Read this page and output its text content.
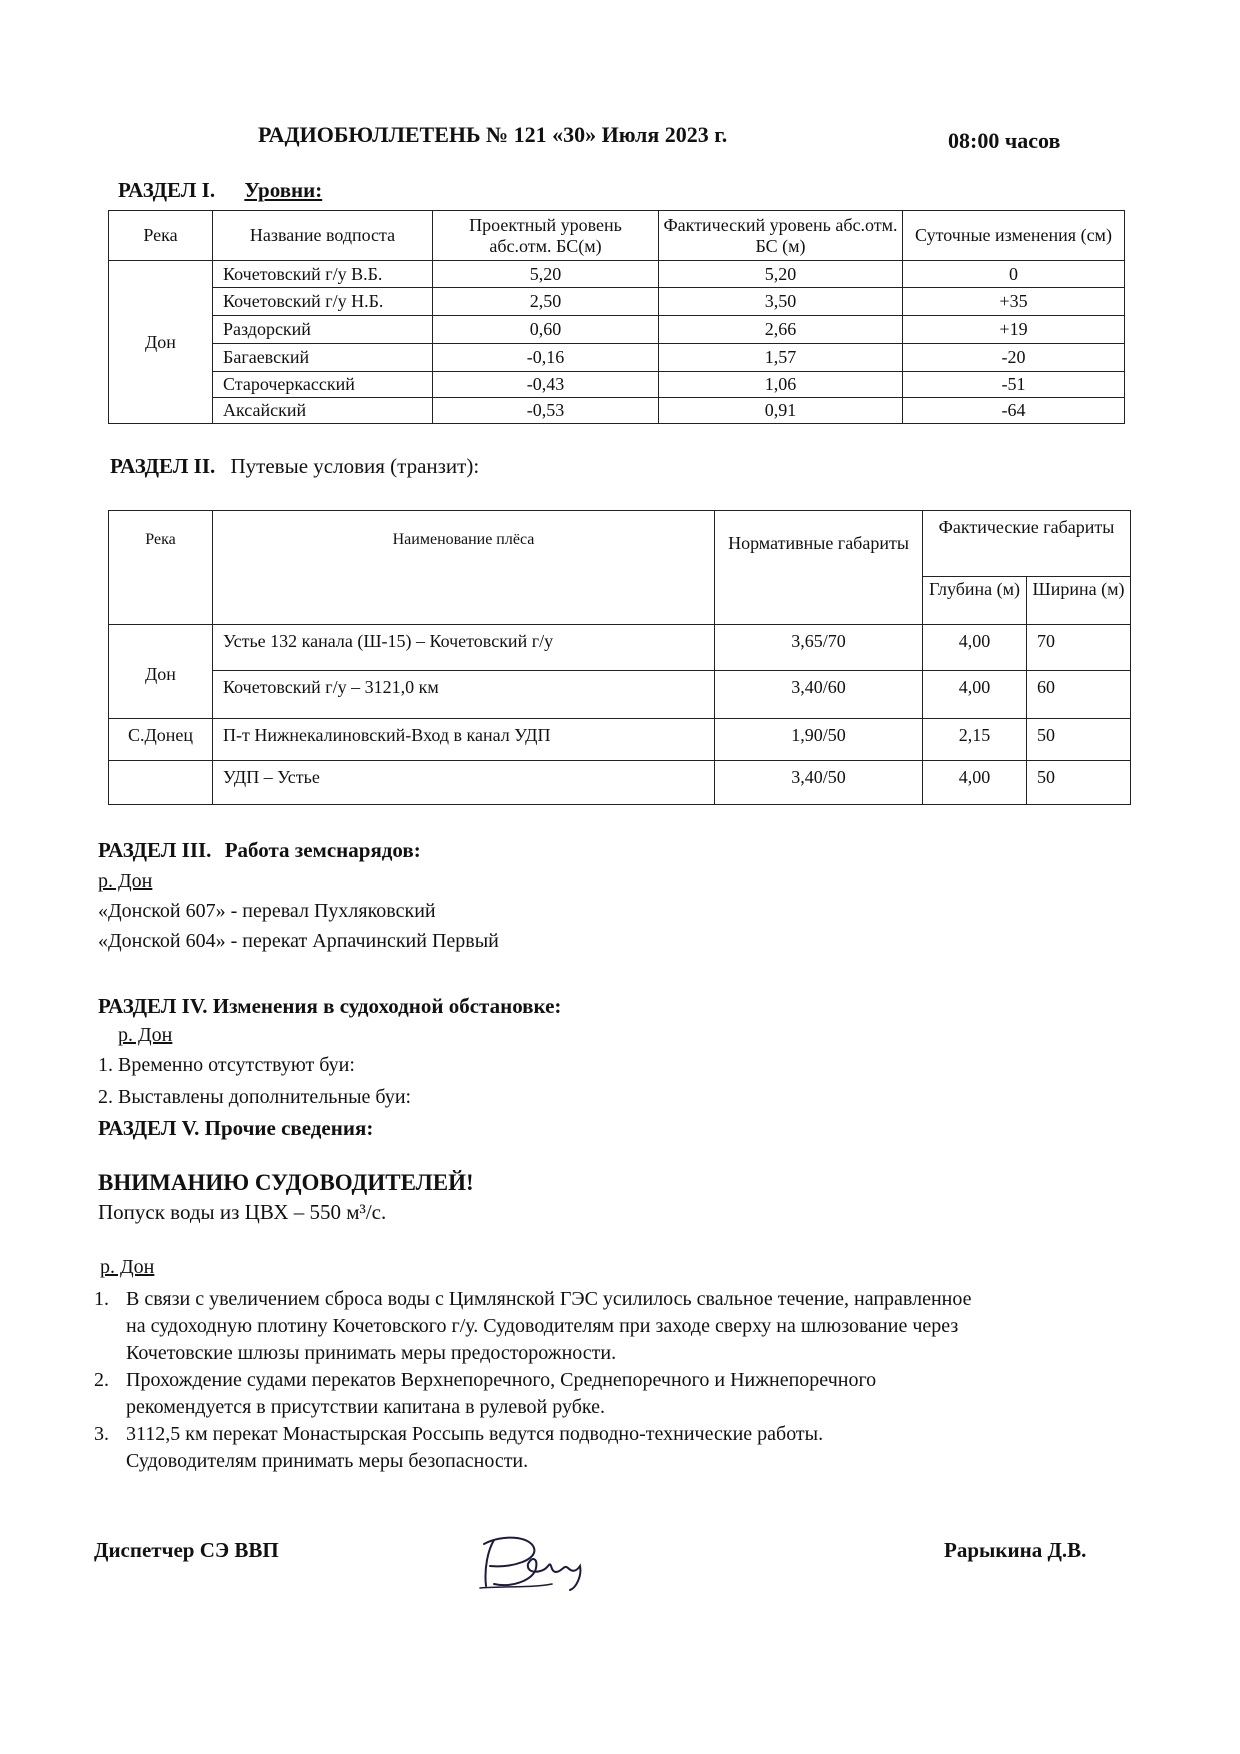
РАДИОБЮЛЛЕТЕНЬ № 121 «30» Июля 2023 г.	08:00 часов
РАЗДЕЛ I. Уровни:
Река	Название водпоста	Проектный уровень абс.отм. БС(м)	Фактический уровень абс.отм. БС (м)	Суточные изменения (см)
Дон	Кочетовский г/у В.Б.	5,20	5,20	0
	Кочетовский г/у Н.Б.	2,50	3,50	+35
	Раздорский	0,60	2,66	+19
	Багаевский	-0,16	1,57	-20
	Старочеркасский	-0,43	1,06	-51
	Аксайский	-0,53	0,91	-64
РАЗДЕЛ II. Путевые условия (транзит):
Река	Наименование плёса	Нормативные габариты	Фактические габариты	
			Глубина (м)	Ширина (м)
Дон	Устье 132 канала (Ш-15) – Кочетовский г/у	3,65/70	4,00	70
	Кочетовский г/у – 3121,0 км	3,40/60	4,00	60
С.Донец	П-т Нижнекалиновский-Вход в канал УДП	1,90/50	2,15	50
	УДП – Устье	3,40/50	4,00	50
РАЗДЕЛ III. Работа земснарядов:
р. Дон
«Донской 607» - перевал Пухляковский
«Донской 604» - перекат Арпачинский Первый
РАЗДЕЛ IV. Изменения в судоходной обстановке:
р. Дон
1. Временно отсутствуют буи:
2. Выставлены дополнительные буи:
РАЗДЕЛ V. Прочие сведения:
ВНИМАНИЮ СУДОВОДИТЕЛЕЙ!
Попуск воды из ЦВХ – 550 м³/с.
р. Дон
1. В связи с увеличением сброса воды с Цимлянской ГЭС усилилось свальное течение, направленное
на судоходную плотину Кочетовского г/у. Судоводителям при заходе сверху на шлюзование через
Кочетовские шлюзы принимать меры предосторожности.
2. Прохождение судами перекатов Верхнепоречного, Среднепоречного и Нижнепоречного
рекомендуется в присутствии капитана в рулевой рубке.
3. 3112,5 км перекат Монастырская Россыпь ведутся подводно-технические работы.
Судоводителям принимать меры безопасности.
Диспетчер СЭ ВВП	Рарыкина Д.В.
